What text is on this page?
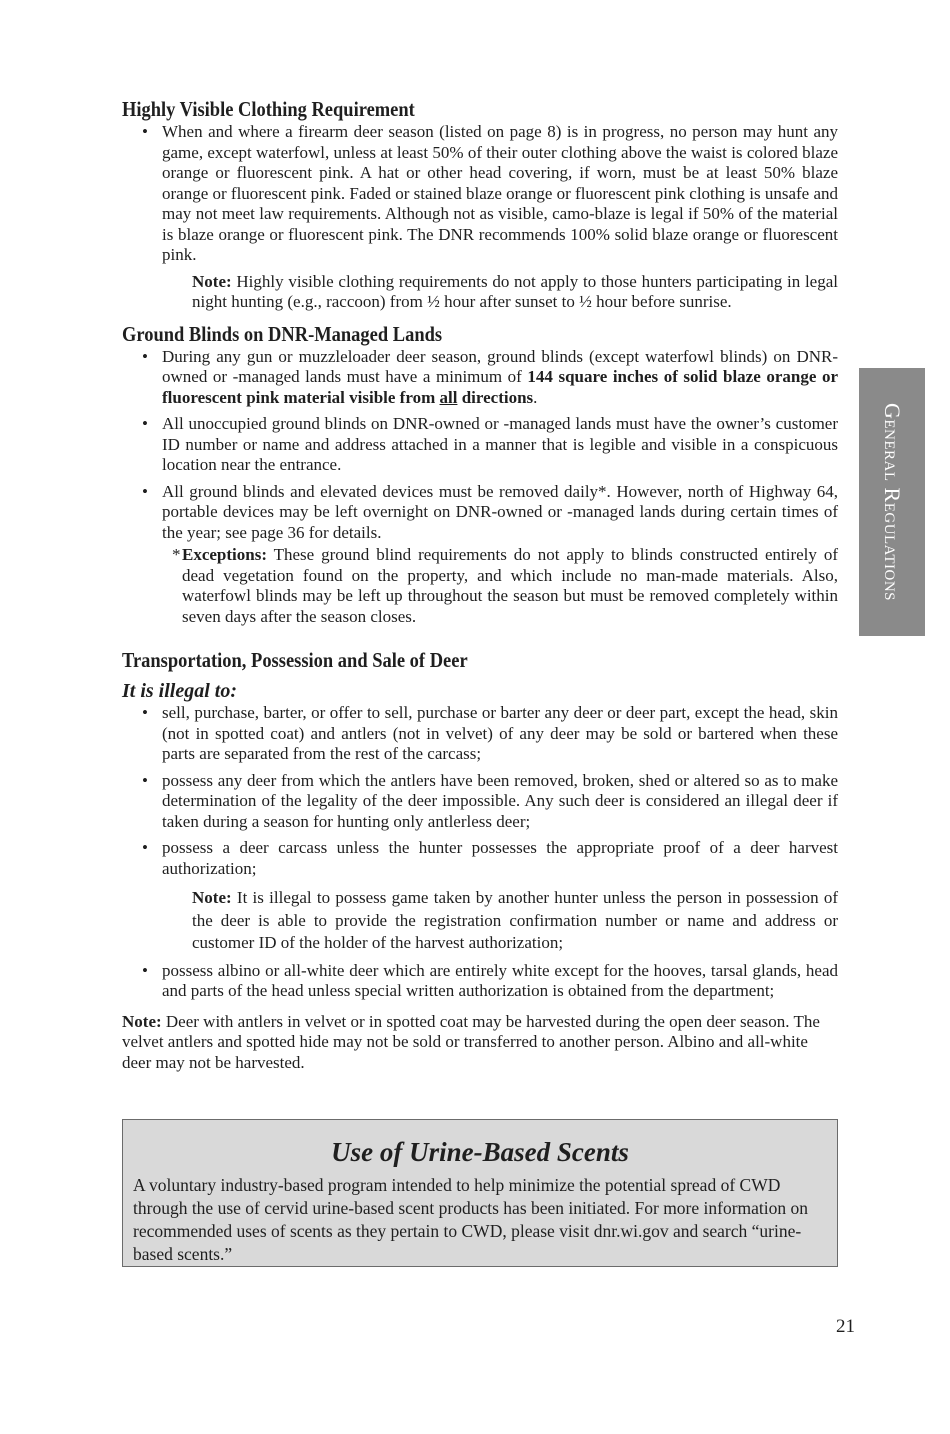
Highly Visible Clothing Requirement
• When and where a firearm deer season (listed on page 8) is in progress, no person may hunt any game, except waterfowl, unless at least 50% of their outer clothing above the waist is colored blaze orange or fluorescent pink. A hat or other head covering, if worn, must be at least 50% blaze orange or fluorescent pink. Faded or stained blaze orange or fluorescent pink clothing is unsafe and may not meet law requirements. Although not as visible, camo-blaze is legal if 50% of the material is blaze orange or fluorescent pink. The DNR recommends 100% solid blaze orange or fluorescent pink.
Note: Highly visible clothing requirements do not apply to those hunters participating in legal night hunting (e.g., raccoon) from ½ hour after sunset to ½ hour before sunrise.
Ground Blinds on DNR-Managed Lands
• During any gun or muzzleloader deer season, ground blinds (except waterfowl blinds) on DNR-owned or -managed lands must have a minimum of 144 square inches of solid blaze orange or fluorescent pink material visible from all directions.
• All unoccupied ground blinds on DNR-owned or -managed lands must have the owner’s customer ID number or name and address attached in a manner that is legible and visible in a conspicuous location near the entrance.
• All ground blinds and elevated devices must be removed daily*. However, north of Highway 64, portable devices may be left overnight on DNR-owned or -managed lands during certain times of the year; see page 36 for details.
* Exceptions: These ground blind requirements do not apply to blinds constructed entirely of dead vegetation found on the property, and which include no man-made materials. Also, waterfowl blinds may be left up throughout the season but must be removed completely within seven days after the season closes.
Transportation, Possession and Sale of Deer
It is illegal to:
• sell, purchase, barter, or offer to sell, purchase or barter any deer or deer part, except the head, skin (not in spotted coat) and antlers (not in velvet) of any deer may be sold or bartered when these parts are separated from the rest of the carcass;
• possess any deer from which the antlers have been removed, broken, shed or altered so as to make determination of the legality of the deer impossible. Any such deer is considered an illegal deer if taken during a season for hunting only antlerless deer;
• possess a deer carcass unless the hunter possesses the appropriate proof of a deer harvest authorization;
Note: It is illegal to possess game taken by another hunter unless the person in possession of the deer is able to provide the registration confirmation number or name and address or customer ID of the holder of the harvest authorization;
• possess albino or all-white deer which are entirely white except for the hooves, tarsal glands, head and parts of the head unless special written authorization is obtained from the department;
Note: Deer with antlers in velvet or in spotted coat may be harvested during the open deer season. The velvet antlers and spotted hide may not be sold or transferred to another person. Albino and all-white deer may not be harvested.
Use of Urine-Based Scents
A voluntary industry-based program intended to help minimize the potential spread of CWD through the use of cervid urine-based scent products has been initiated. For more information on recommended uses of scents as they pertain to CWD, please visit dnr.wi.gov and search “urine-based scents.”
General Regulations
21
